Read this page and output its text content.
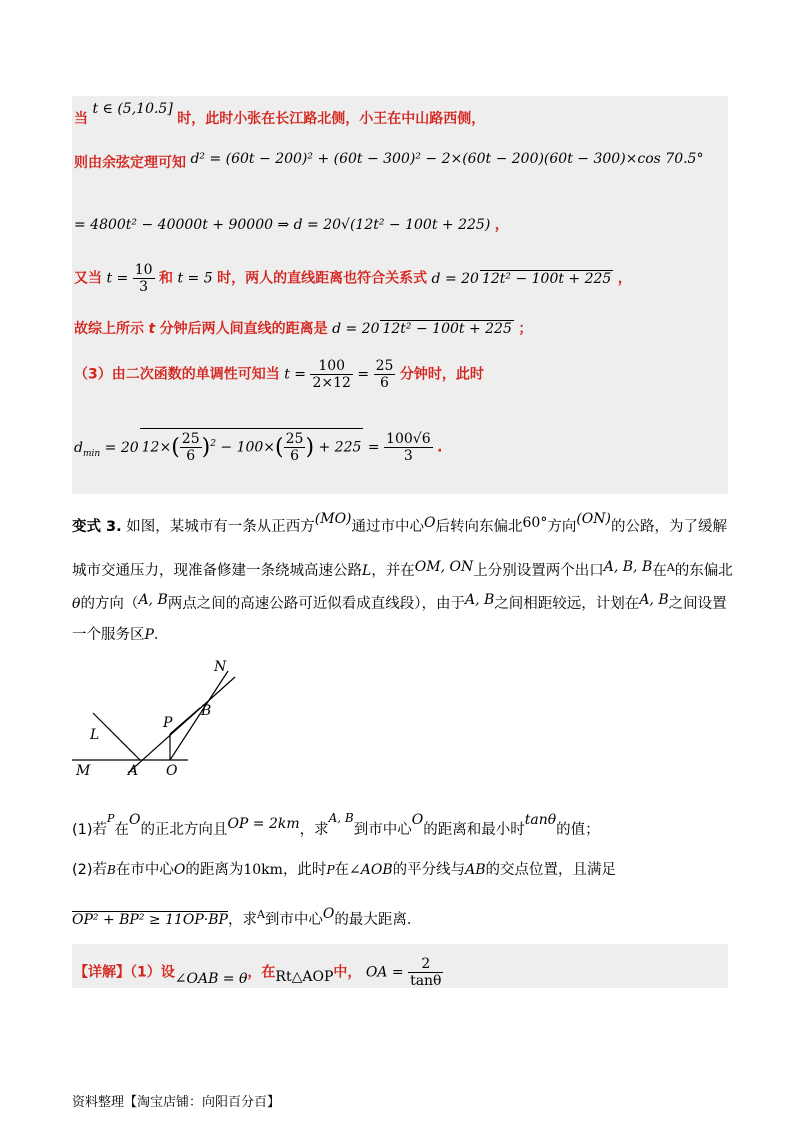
当 t ∈ (5,10.5] 时，此时小张在长江路北侧，小王在中山路西侧，
则由余弦定理可知 d² = (60t − 200)² + (60t − 300)² − 2×(60t − 200)(60t − 300)×cos 70.5°
= 4800t² − 40000t + 90000 ⇒ d = 20√(12t² − 100t + 225) ，
又当 $t = \frac{10}{3}$ 和 t = 5 时，两人的直线距离也符合关系式 d = 20 12t² − 100t + 225 ，
故综上所示 t 分钟后两人间直线的距离是 d = 20 12t² − 100t + 225 ；
（3）由二次函数的单调性可知当 $t = \frac{100}{2\times 12} = \frac{25}{6}$ 分钟时，此时
$d_{min} = 20$ $12\times( \frac{25}{6} )^2 - 100\times( \frac{25}{6}$ ) + $225 = \frac{100√6}{3}$ .
变式 3. 如图，某城市有一条从正西方(MO)通过市中心O后转向东偏北60°方向(ON)的公路，为了缓解
城市交通压力，现准备修建一条绕城高速公路L，并在OM, ON上分别设置两个出口A, B, B在$^A$的东偏北
θ的方向（A, B两点之间的高速公路可近似看成直线段），由于A, B之间相距较远，计划在A, B之间设置
一个服务区P．
N
P
B
L
M	A O
(1)若$^P$在O的正北方向且OP = 2km，求$^{A, B}$到市中心O的距离和最小时tanθ的值；
(2)若B在市中心O的距离为10km，此时P在∠AOB的平分线与AB的交点位置，且满足
OP² + BP² ≥ 11OP·BP，求$^A$到市中心O的最大距离．
【详解】（1）设∠OAB = θ，在Rt△AOP中， OA = $\frac{2}{\tan\theta}$
资料整理【淘宝店铺：向阳百分百】
